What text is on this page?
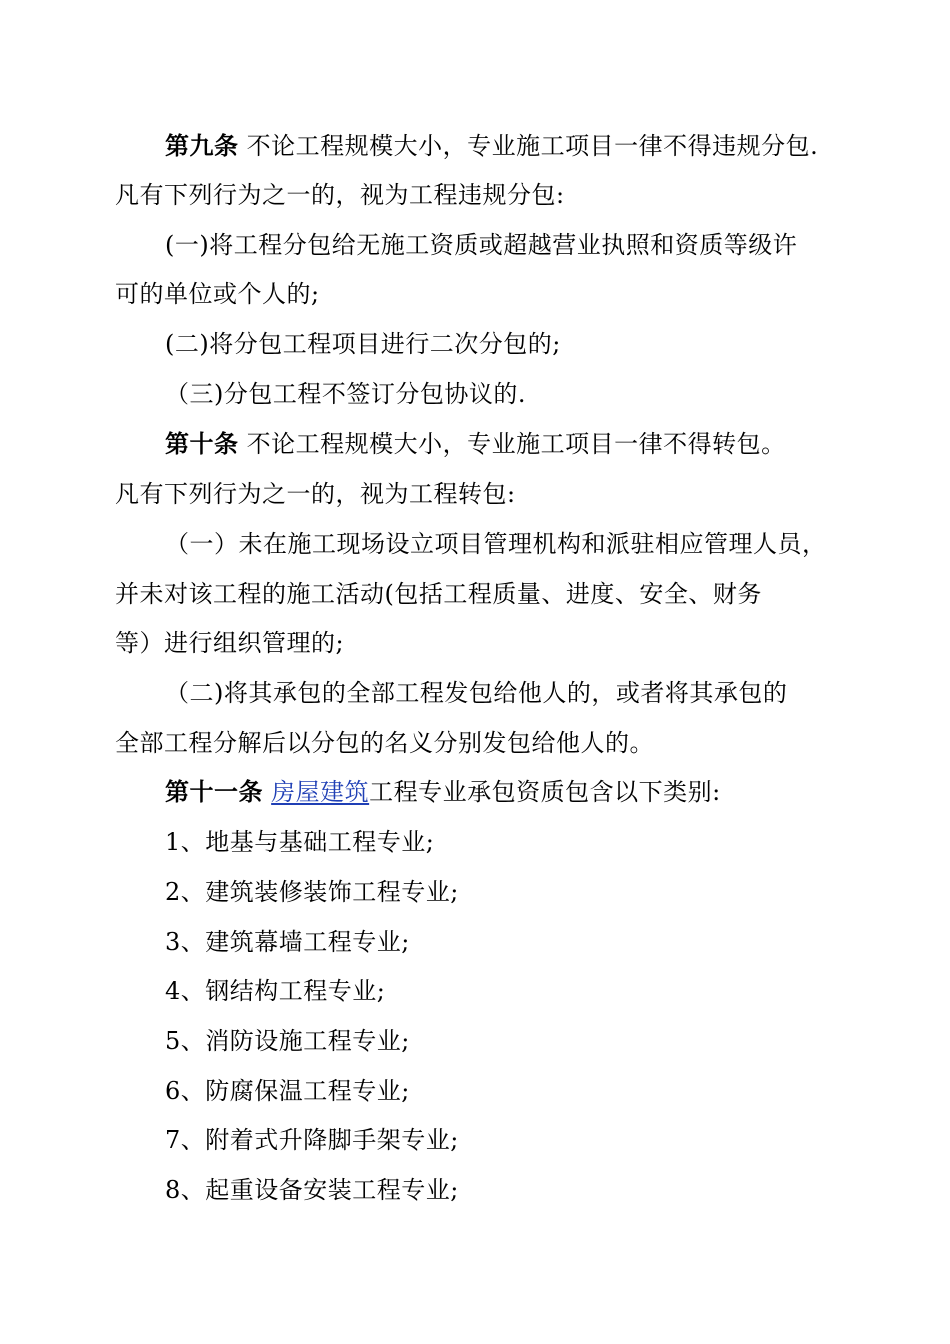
第九条 不论工程规模大小，专业施工项目一律不得违规分包.
凡有下列行为之一的，视为工程违规分包:
(一)将工程分包给无施工资质或超越营业执照和资质等级许
可的单位或个人的;
(二)将分包工程项目进行二次分包的;
（三)分包工程不签订分包协议的.
第十条 不论工程规模大小，专业施工项目一律不得转包。
凡有下列行为之一的，视为工程转包:
（一）未在施工现场设立项目管理机构和派驻相应管理人员，
并未对该工程的施工活动(包括工程质量、进度、安全、财务
等）进行组织管理的;
（二)将其承包的全部工程发包给他人的，或者将其承包的
全部工程分解后以分包的名义分别发包给他人的。
第十一条 房屋建筑工程专业承包资质包含以下类别:
1、地基与基础工程专业;
2、建筑装修装饰工程专业;
3、建筑幕墙工程专业;
4、钢结构工程专业;
5、消防设施工程专业;
6、防腐保温工程专业;
7、附着式升降脚手架专业;
8、起重设备安装工程专业;
